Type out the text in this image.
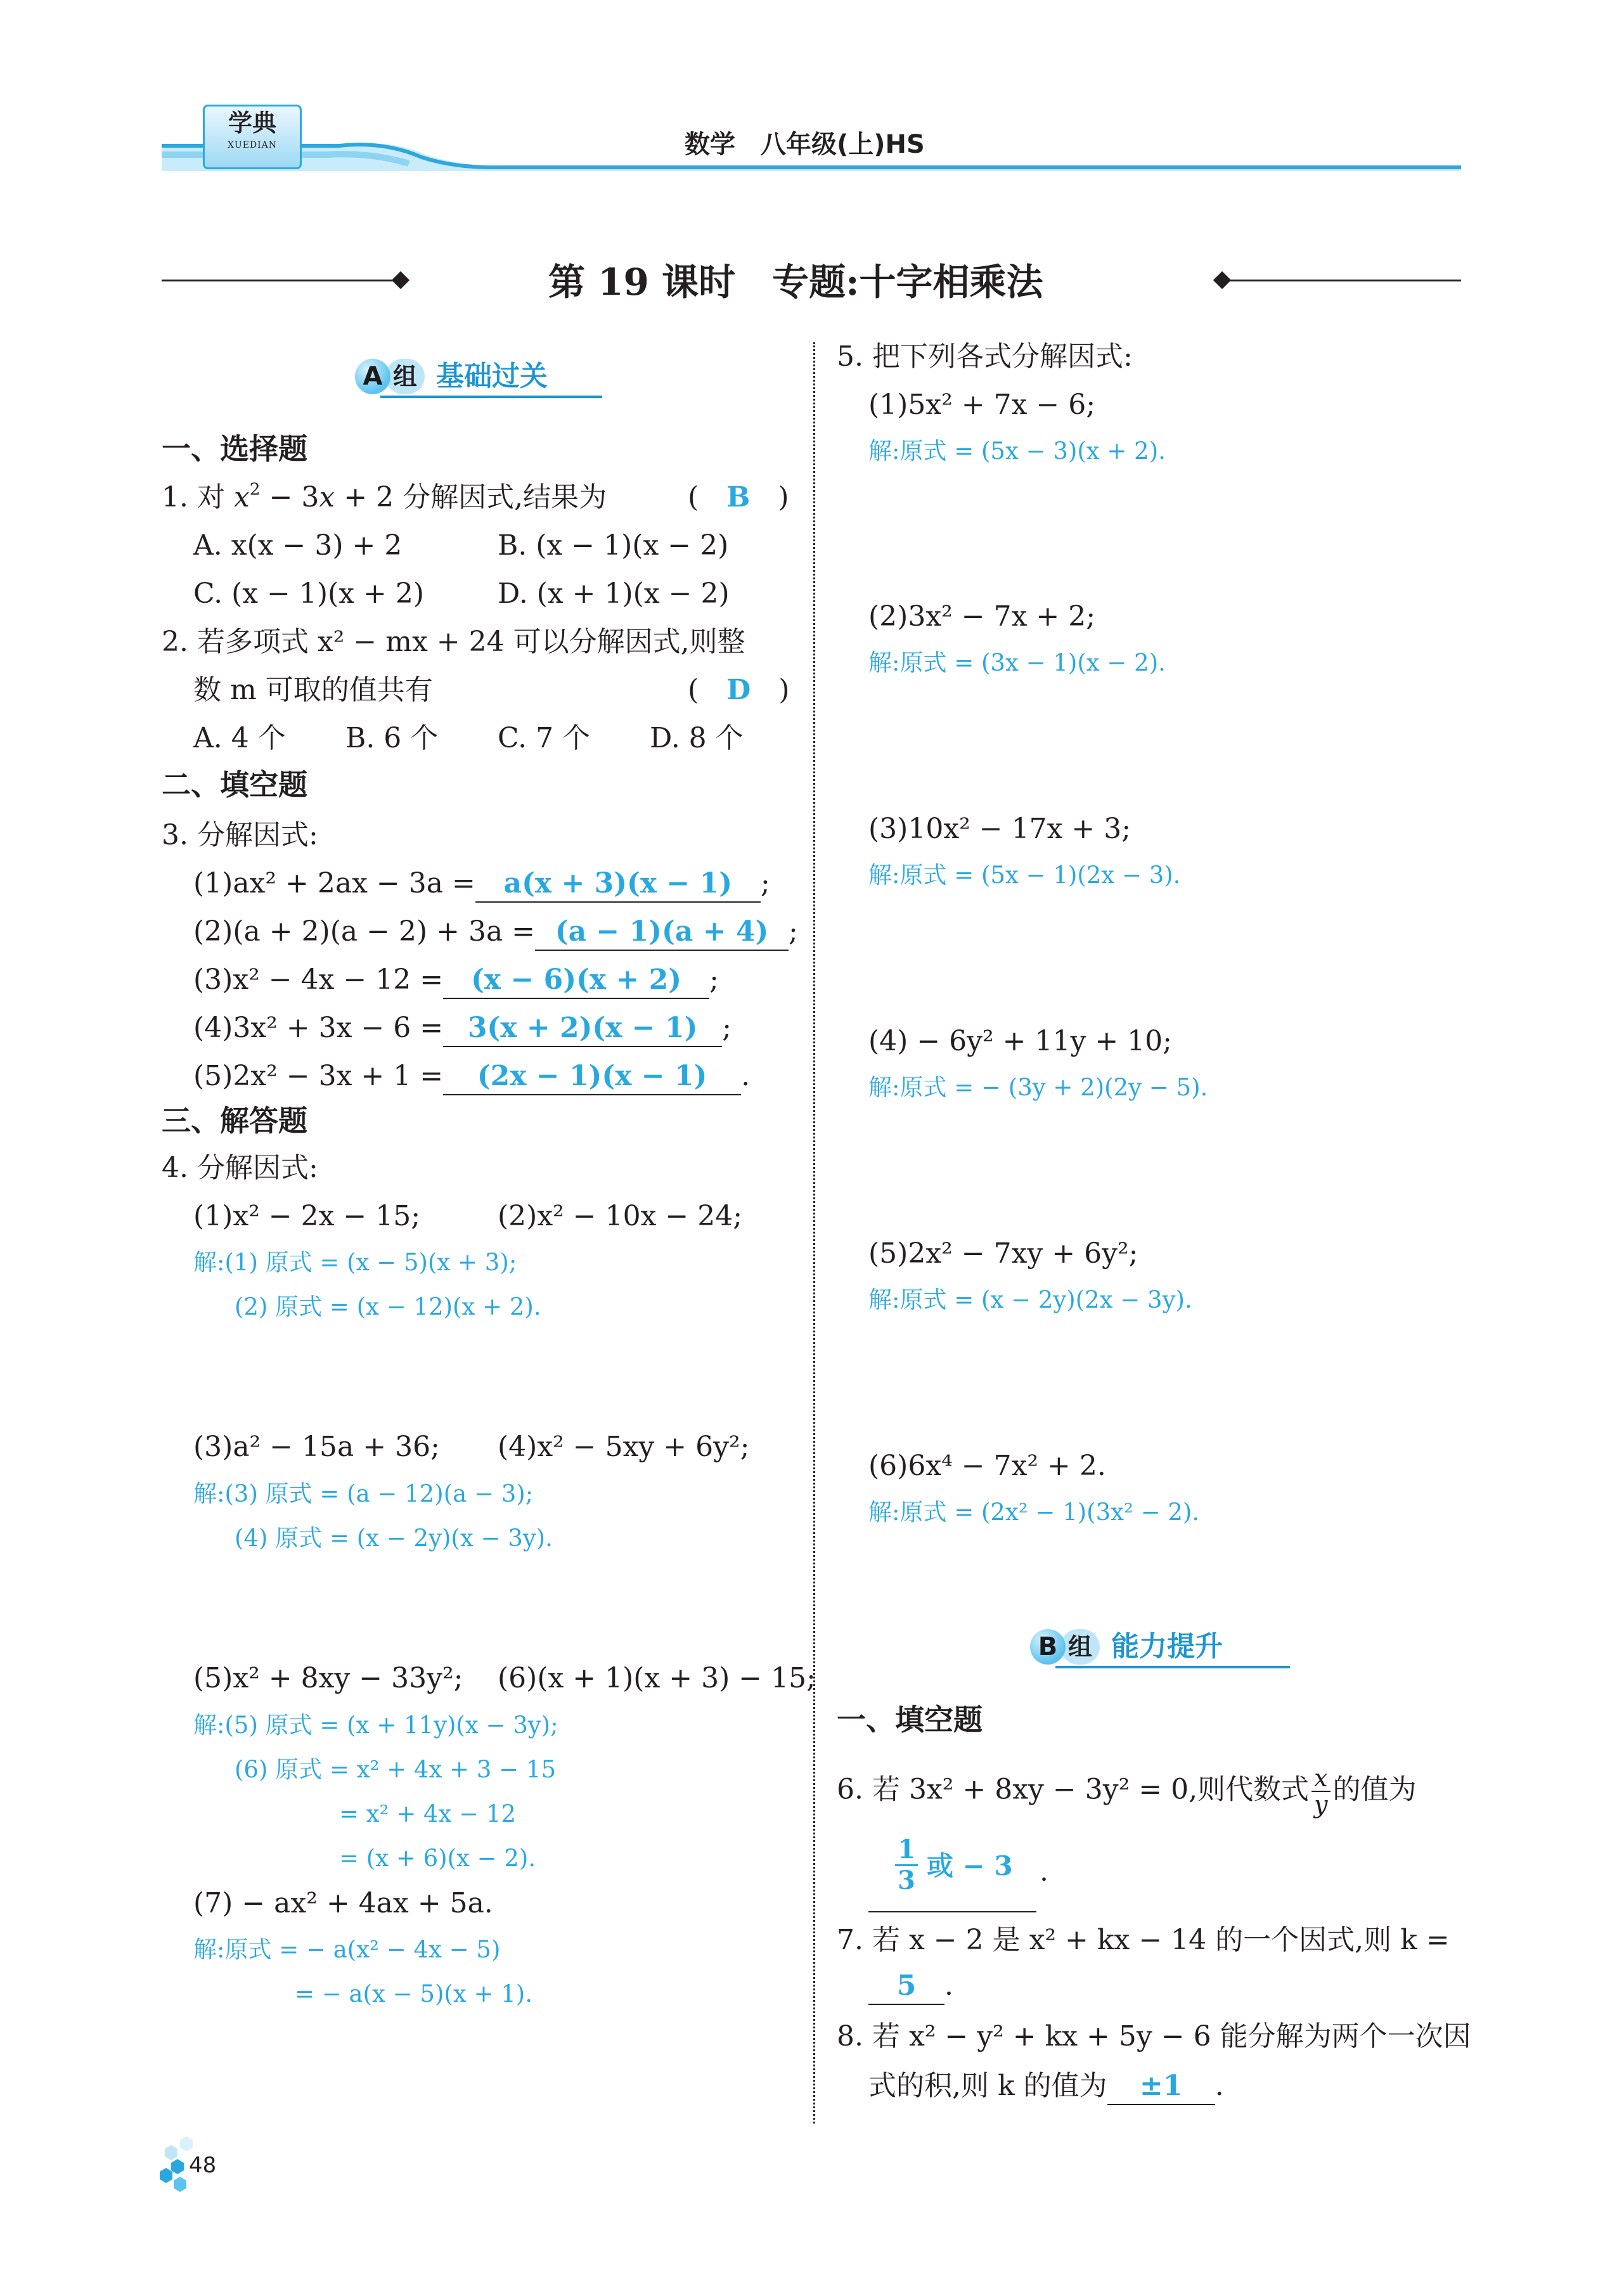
学典
XUEDIAN	数学　八年级(上)HS
第 19 课时　专题:十字相乘法
组
A 基础过关
一、选择题
1. 对 $x^2 - 3x + 2$ 分解因式,结果为	(　B　)
A. x(x − 3) + 2	B. (x − 1)(x − 2)
C. (x − 1)(x + 2)	D. (x + 1)(x − 2)
2. 若多项式 x² − mx + 24 可以分解因式,则整
数 m 可取的值共有	(　D　)
A. 4 个 B. 6 个 C. 7 个 D. 8 个
二、填空题
3. 分解因式:
(1)ax² + 2ax − 3a = a(x + 3)(x − 1) ;
(2)(a + 2)(a − 2) + 3a = (a − 1)(a + 4) ;
(3)x² − 4x − 12 = (x − 6)(x + 2) ;
(4)3x² + 3x − 6 = 3(x + 2)(x − 1) ;
(5)2x² − 3x + 1 = (2x − 1)(x − 1) .
三、解答题
4. 分解因式:
(1)x² − 2x − 15;	(2)x² − 10x − 24;
解:(1) 原式 = (x − 5)(x + 3);
(2) 原式 = (x − 12)(x + 2).
(3)a² − 15a + 36; (4)x² − 5xy + 6y²;
解:(3) 原式 = (a − 12)(a − 3);
(4) 原式 = (x − 2y)(x − 3y).
(5)x² + 8xy − 33y²; (6)(x + 1)(x + 3) − 15;
解:(5) 原式 = (x + 11y)(x − 3y);
(6) 原式 = x² + 4x + 3 − 15
= x² + 4x − 12
= (x + 6)(x − 2).
(7) − ax² + 4ax + 5a.
解:原式 = − a(x² − 4x − 5)
= − a(x − 5)(x + 1).
5. 把下列各式分解因式:
(1)5x² + 7x − 6;
解:原式 = (5x − 3)(x + 2).
(2)3x² − 7x + 2;
解:原式 = (3x − 1)(x − 2).
(3)10x² − 17x + 3;
解:原式 = (5x − 1)(2x − 3).
(4) − 6y² + 11y + 10;
解:原式 = − (3y + 2)(2y − 5).
(5)2x² − 7xy + 6y²;
解:原式 = (x − 2y)(2x − 3y).
(6)6x⁴ − 7x² + 2.
解:原式 = (2x² − 1)(3x² − 2).
组
B 能力提升
一、填空题
6. 若 3x² + 8xy − 3y² = 0,则代数式 $\frac{x}{y}$ 的值为
1
3 或 − 3 .
7. 若 x − 2 是 x² + kx − 14 的一个因式,则 k =
5 .
8. 若 x² − y² + kx + 5y − 6 能分解为两个一次因
式的积,则 k 的值为 ±1 .
48
